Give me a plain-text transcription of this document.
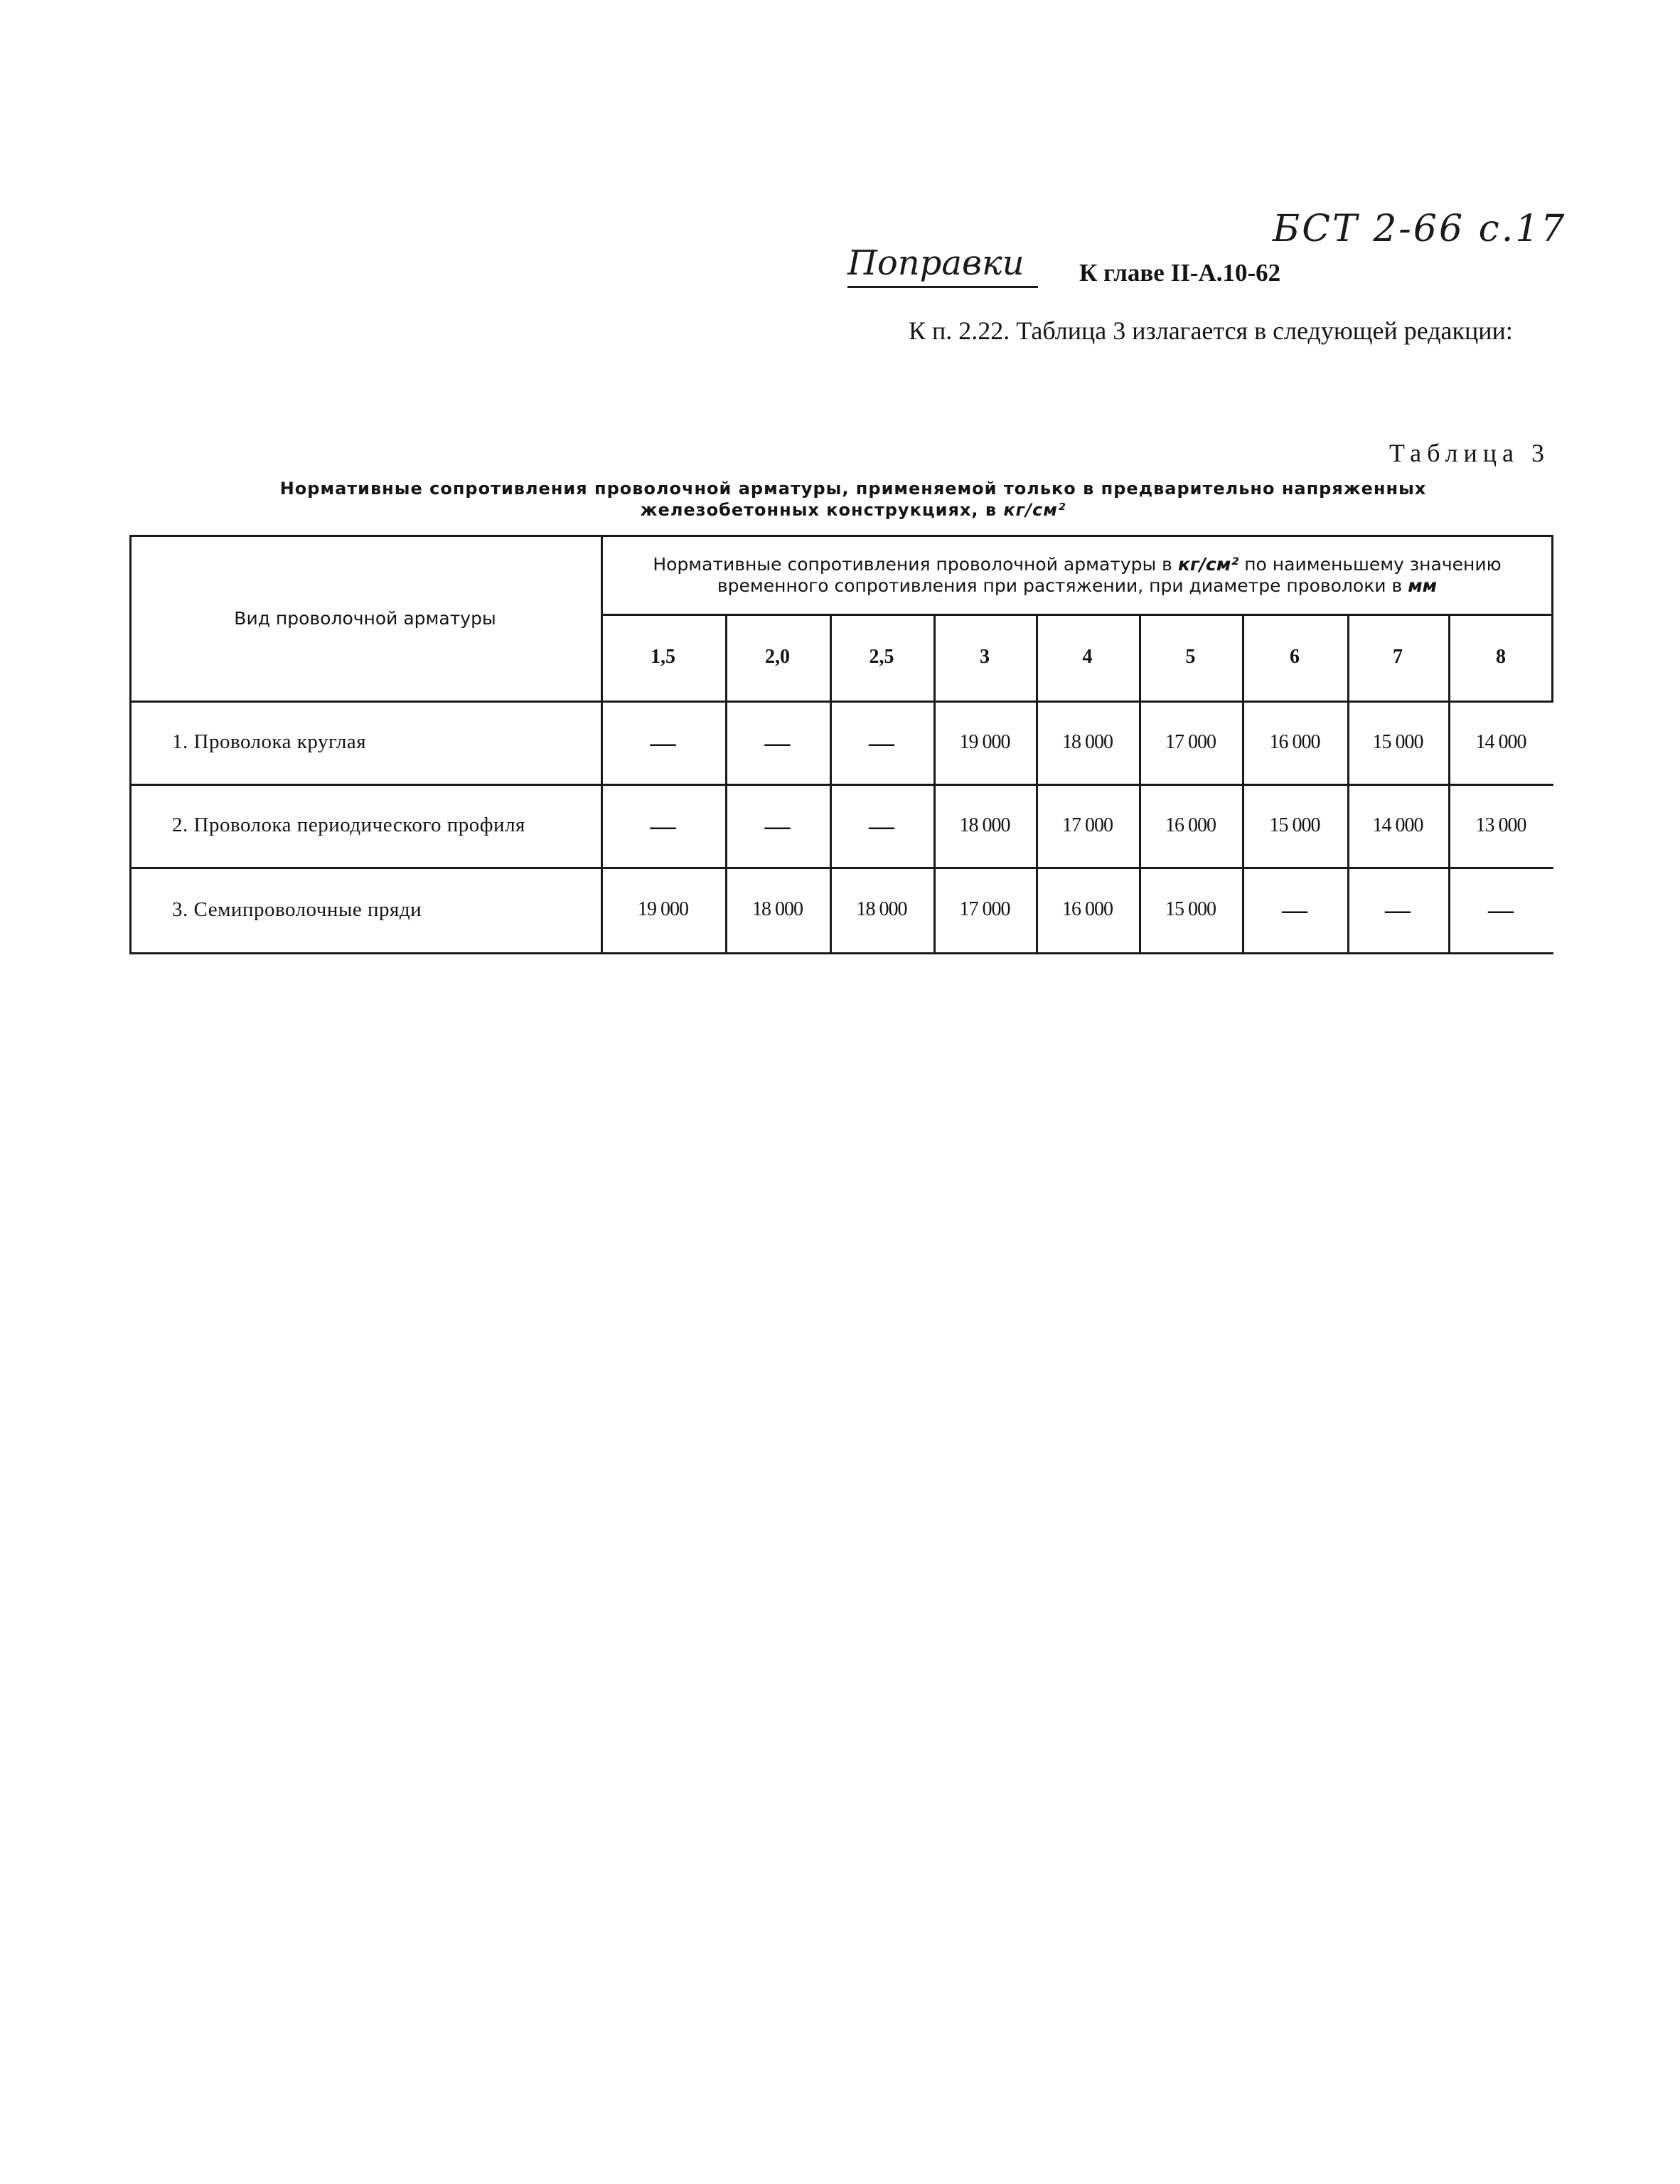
БСТ 2-66 с.17
Поправки	К главе II-A.10-62
К п. 2.22. Таблица 3 излагается в следующей редакции:
Таблица 3
Нормативные сопротивления проволочной арматуры, применяемой только в предварительно напряженных
железобетонных конструкциях, в кг/см²
Вид проволочной арматуры
Нормативные сопротивления проволочной арматуры в кг/см² по наименьшему значению временного сопротивления при растяжении, при диаметре проволоки в мм
1,5	2,0	2,5	3	4	5	6	7	8
1. Проволока круглая	—	—	—	19 000	18 000	17 000	16 000	15 000	14 000
2. Проволока периодического профиля	—	—	—	18 000	17 000	16 000	15 000	14 000	13 000
3. Семипроволочные пряди	19 000	18 000	18 000	17 000	16 000	15 000	—	—	—
